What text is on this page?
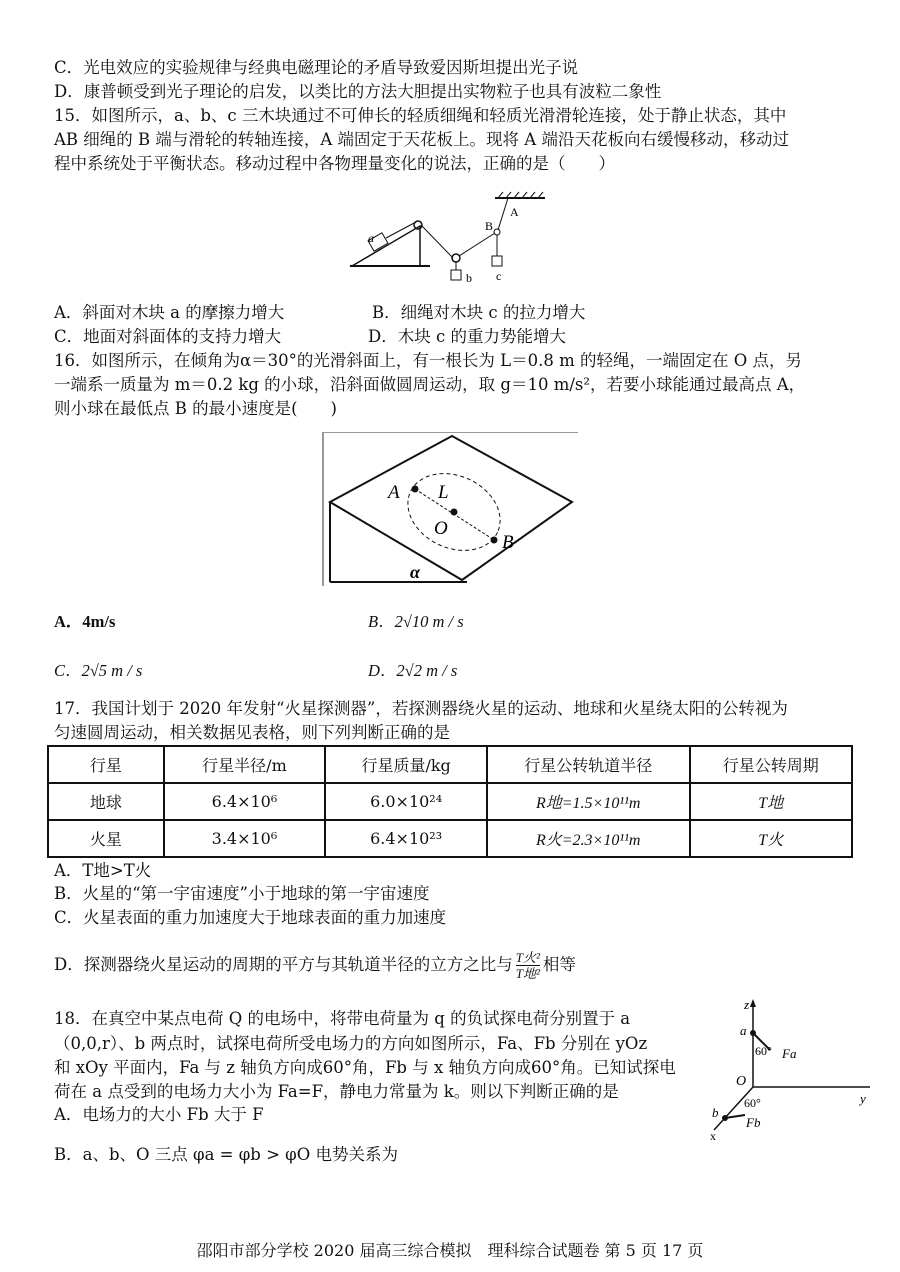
C．光电效应的实验规律与经典电磁理论的矛盾导致爱因斯坦提出光子说
D．康普顿受到光子理论的启发，以类比的方法大胆提出实物粒子也具有波粒二象性
15．如图所示，a、b、c 三木块通过不可伸长的轻质细绳和轻质光滑滑轮连接，处于静止状态，其中
AB 细绳的 B 端与滑轮的转轴连接，A 端固定于天花板上。现将 A 端沿天花板向右缓慢移动，移动过
程中系统处于平衡状态。移动过程中各物理量变化的说法，正确的是（　　）
a
b
B
c
A
A．斜面对木块 a 的摩擦力增大	B．细绳对木块 c 的拉力增大
C．地面对斜面体的支持力增大	D．木块 c 的重力势能增大
16．如图所示，在倾角为α＝30°的光滑斜面上，有一根长为 L＝0.8 m 的轻绳，一端固定在 O 点，另
一端系一质量为 m＝0.2 kg 的小球，沿斜面做圆周运动，取 g＝10 m/s²，若要小球能通过最高点 A，
则小球在最低点 B 的最小速度是(　　)
A L
O
B
α
A．4m/s	B．2√10 m / s
C．2√5 m / s	D．2√2 m / s
17．我国计划于 2020 年发射“火星探测器”，若探测器绕火星的运动、地球和火星绕太阳的公转视为
匀速圆周运动，相关数据见表格，则下列判断正确的是
行星	行星半径/m	行星质量/kg	行星公转轨道半径	行星公转周期
地球	6.4×10⁶	6.0×10²⁴	R地=1.5×10¹¹m	T地
火星	3.4×10⁶	6.4×10²³	R火=2.3×10¹¹m	T火
A．T地>T火
B．火星的“第一宇宙速度”小于地球的第一宇宙速度
C．火星表面的重力加速度大于地球表面的重力加速度
D．探测器绕火星运动的周期的平方与其轨道半径的立方之比与 $\frac{\text{T火²}}{\text{T地²}}$ 相等
18．在真空中某点电荷 Q 的电场中，将带电荷量为 q 的负试探电荷分别置于 a
（0,0,r）、b 两点时，试探电荷所受电场力的方向如图所示，Fa、Fb 分别在 yOz
和 xOy 平面内，Fa 与 z 轴负方向成60°角，Fb 与 x 轴负方向成60°角。已知试探电
荷在 a 点受到的电场力大小为 Fa=F，静电力常量为 k。则以下判断正确的是
A．电场力的大小 Fb 大于 F
B．a、b、O 三点 φa = φb > φO 电势关系为
z
y
x
O
a
60° Fa
b
60°
Fb
邵阳市部分学校 2020 届高三综合模拟　理科综合试题卷 第 5 页 17 页
